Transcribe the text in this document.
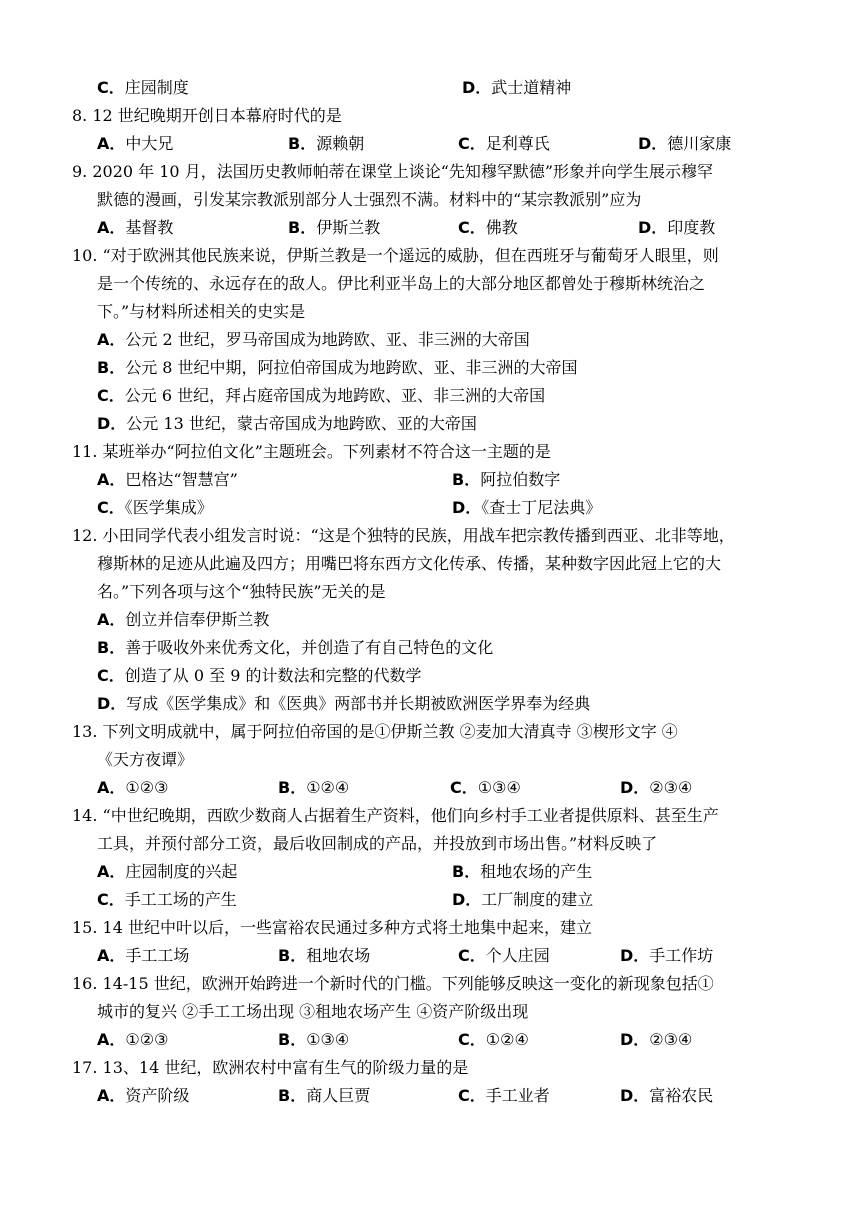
C．庄园制度	D．武士道精神
8. 12 世纪晚期开创日本幕府时代的是
A．中大兄	B．源赖朝	C．足利尊氏	D．德川家康
9. 2020 年 10 月，法国历史教师帕蒂在课堂上谈论“先知穆罕默德”形象并向学生展示穆罕
默德的漫画，引发某宗教派别部分人士强烈不满。材料中的“某宗教派别”应为
A．基督教	B．伊斯兰教	C．佛教	D．印度教
10. “对于欧洲其他民族来说，伊斯兰教是一个遥远的威胁，但在西班牙与葡萄牙人眼里，则
是一个传统的、永远存在的敌人。伊比利亚半岛上的大部分地区都曾处于穆斯林统治之
下。”与材料所述相关的史实是
A．公元 2 世纪，罗马帝国成为地跨欧、亚、非三洲的大帝国
B．公元 8 世纪中期，阿拉伯帝国成为地跨欧、亚、非三洲的大帝国
C．公元 6 世纪，拜占庭帝国成为地跨欧、亚、非三洲的大帝国
D．公元 13 世纪，蒙古帝国成为地跨欧、亚的大帝国
11. 某班举办“阿拉伯文化”主题班会。下列素材不符合这一主题的是
A．巴格达“智慧宫”	B．阿拉伯数字
C．《医学集成》	D．《查士丁尼法典》
12. 小田同学代表小组发言时说：“这是个独特的民族，用战车把宗教传播到西亚、北非等地，
穆斯林的足迹从此遍及四方；用嘴巴将东西方文化传承、传播，某种数字因此冠上它的大
名。”下列各项与这个“独特民族”无关的是
A．创立并信奉伊斯兰教
B．善于吸收外来优秀文化，并创造了有自己特色的文化
C．创造了从 0 至 9 的计数法和完整的代数学
D．写成《医学集成》和《医典》两部书并长期被欧洲医学界奉为经典
13. 下列文明成就中，属于阿拉伯帝国的是①伊斯兰教 ②麦加大清真寺 ③楔形文字 ④
《天方夜谭》
A．①②③	B．①②④	C．①③④	D．②③④
14. “中世纪晚期，西欧少数商人占据着生产资料，他们向乡村手工业者提供原料、甚至生产
工具，并预付部分工资，最后收回制成的产品，并投放到市场出售。”材料反映了
A．庄园制度的兴起	B．租地农场的产生
C．手工工场的产生	D．工厂制度的建立
15. 14 世纪中叶以后，一些富裕农民通过多种方式将土地集中起来，建立
A．手工工场	B．租地农场	C．个人庄园	D．手工作坊
16. 14-15 世纪，欧洲开始跨进一个新时代的门槛。下列能够反映这一变化的新现象包括①
城市的复兴 ②手工工场出现 ③租地农场产生 ④资产阶级出现
A．①②③	B．①③④	C．①②④	D．②③④
17. 13、14 世纪，欧洲农村中富有生气的阶级力量的是
A．资产阶级	B．商人巨贾	C．手工业者	D．富裕农民
